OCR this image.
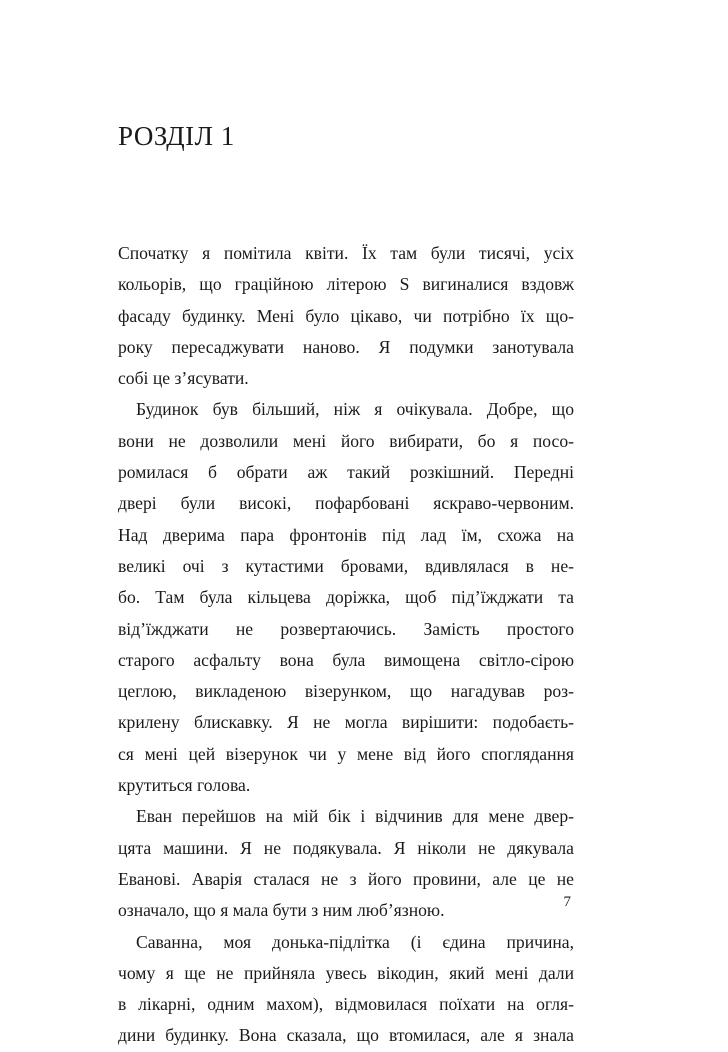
РОЗДІЛ 1
Спочатку я помітила квіти. Їх там були тисячі, усіх
кольорів, що граційною літерою S вигиналися вздовж
фасаду будинку. Мені було цікаво, чи потрібно їх що-
року пересаджувати наново. Я подумки занотувала
собі це з’ясувати.
Будинок був більший, ніж я очікувала. Добре, що
вони не дозволили мені його вибирати, бо я посо-
ромилася б обрати аж такий розкішний. Передні
двері були високі, пофарбовані яскраво-червоним.
Над дверима пара фронтонів під лад їм, схожа на
великі очі з кутастими бровами, вдивлялася в не-
бо. Там була кільцева доріжка, щоб під’їжджати та
від’їжджати не розвертаючись. Замість простого
старого асфальту вона була вимощена світло-сірою
цеглою, викладеною візерунком, що нагадував роз-
крилену блискавку. Я не могла вирішити: подобаєть-
ся мені цей візерунок чи у мене від його споглядання
крутиться голова.
Еван перейшов на мій бік і відчинив для мене двер-
цята машини. Я не подякувала. Я ніколи не дякувала
Еванові. Аварія сталася не з його провини, але це не
означало, що я мала бути з ним люб’язною.
Саванна, моя донька-підлітка (і єдина причина,
чому я ще не прийняла увесь вікодин, який мені дали
в лікарні, одним махом), відмовилася поїхати на огля-
дини будинку. Вона сказала, що втомилася, але я знала
7
